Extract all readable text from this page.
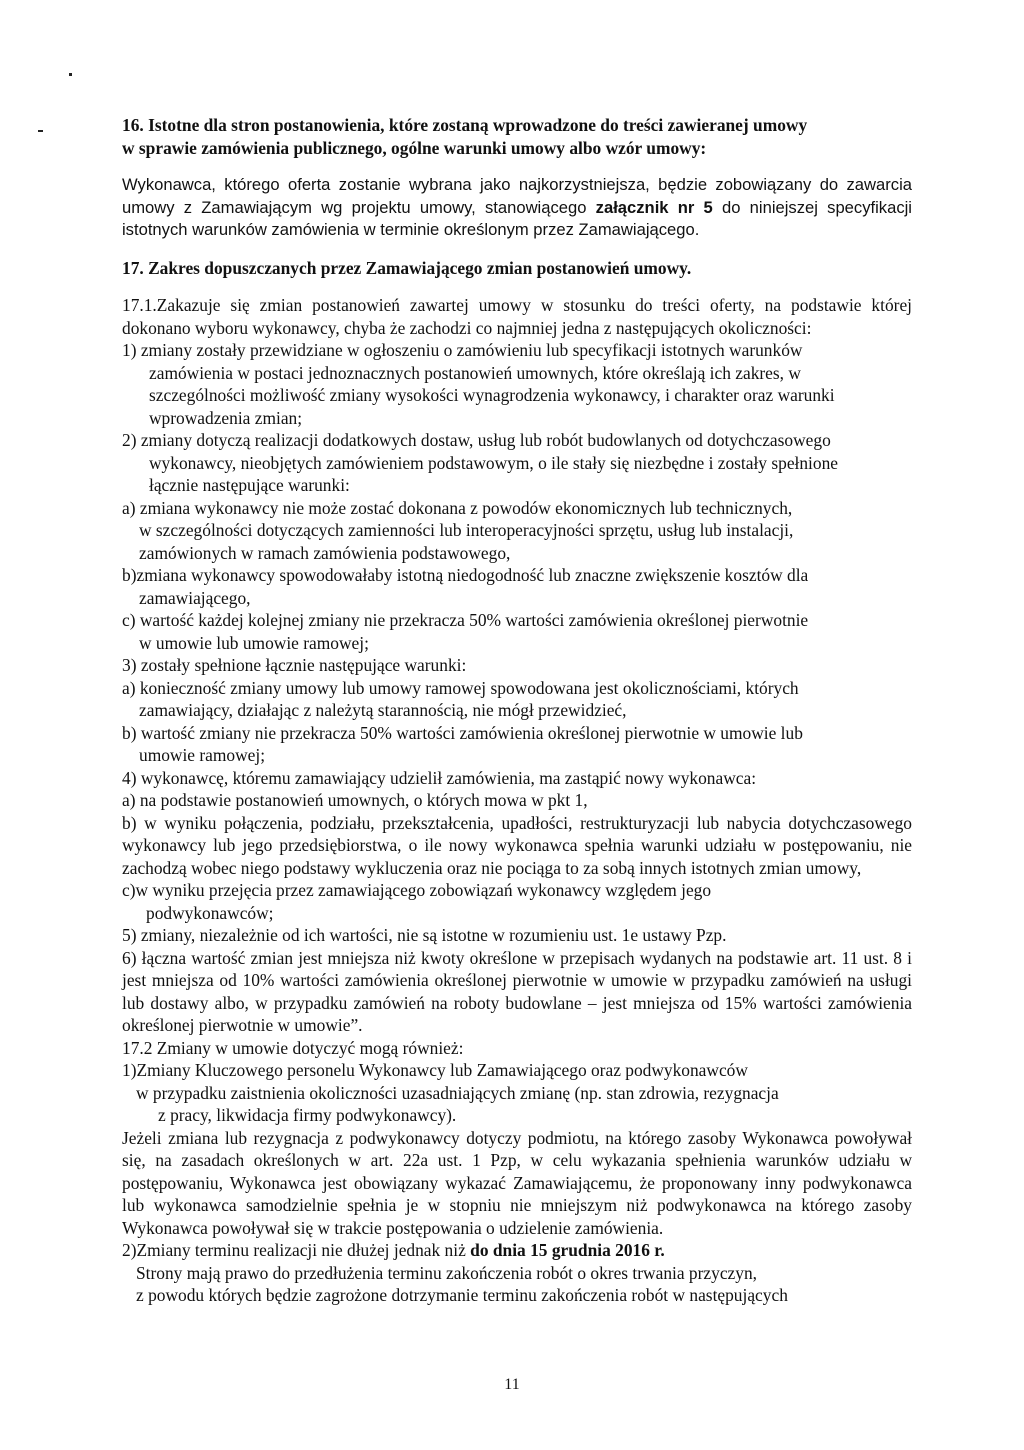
16. Istotne dla stron postanowienia, które zostaną wprowadzone do treści zawieranej umowy
w sprawie zamówienia publicznego, ogólne warunki umowy albo wzór umowy:

Wykonawca, którego oferta zostanie wybrana jako najkorzystniejsza, będzie zobowiązany do zawarcia umowy z Zamawiającym wg projektu umowy, stanowiącego załącznik nr 5 do niniejszej specyfikacji istotnych warunków zamówienia w terminie określonym przez Zamawiającego.

17. Zakres dopuszczanych przez Zamawiającego zmian postanowień umowy.

17.1.Zakazuje się zmian postanowień zawartej umowy w stosunku do treści oferty, na podstawie której dokonano wyboru wykonawcy, chyba że zachodzi co najmniej jedna z następujących okoliczności:

1) zmiany zostały przewidziane w ogłoszeniu o zamówieniu lub specyfikacji istotnych warunków
zamówienia w postaci jednoznacznych postanowień umownych, które określają ich zakres, w
szczególności możliwość zmiany wysokości wynagrodzenia wykonawcy, i charakter oraz warunki
wprowadzenia zmian;
2) zmiany dotyczą realizacji dodatkowych dostaw, usług lub robót budowlanych od dotychczasowego
wykonawcy, nieobjętych zamówieniem podstawowym, o ile stały się niezbędne i zostały spełnione
łącznie następujące warunki:
a) zmiana wykonawcy nie może zostać dokonana z powodów ekonomicznych lub technicznych,
w szczególności dotyczących zamienności lub interoperacyjności sprzętu, usług lub instalacji,
zamówionych w ramach zamówienia podstawowego,
b)zmiana wykonawcy spowodowałaby istotną niedogodność lub znaczne zwiększenie kosztów dla
zamawiającego,
c) wartość każdej kolejnej zmiany nie przekracza 50% wartości zamówienia określonej pierwotnie
w umowie lub umowie ramowej;
3) zostały spełnione łącznie następujące warunki:
a) konieczność zmiany umowy lub umowy ramowej spowodowana jest okolicznościami, których
zamawiający, działając z należytą starannością, nie mógł przewidzieć,
b) wartość zmiany nie przekracza 50% wartości zamówienia określonej pierwotnie w umowie lub
umowie ramowej;
4) wykonawcę, któremu zamawiający udzielił zamówienia, ma zastąpić nowy wykonawca:
a) na podstawie postanowień umownych, o których mowa w pkt 1,

b) w wyniku połączenia, podziału, przekształcenia, upadłości, restrukturyzacji lub nabycia dotychczasowego wykonawcy lub jego przedsiębiorstwa, o ile nowy wykonawca spełnia warunki udziału w postępowaniu, nie zachodzą wobec niego podstawy wykluczenia oraz nie pociąga to za sobą innych istotnych zmian umowy,

c)w wyniku przejęcia przez zamawiającego zobowiązań wykonawcy względem jego
podwykonawców;
5) zmiany, niezależnie od ich wartości, nie są istotne w rozumieniu ust. 1e ustawy Pzp.

6) łączna wartość zmian jest mniejsza niż kwoty określone w przepisach wydanych na podstawie art. 11 ust. 8 i jest mniejsza od 10% wartości zamówienia określonej pierwotnie w umowie w przypadku zamówień na usługi lub dostawy albo, w przypadku zamówień na roboty budowlane – jest mniejsza od 15% wartości zamówienia określonej pierwotnie w umowie”.

17.2 Zmiany w umowie dotyczyć mogą również:
1)Zmiany Kluczowego personelu Wykonawcy lub Zamawiającego oraz podwykonawców
w przypadku zaistnienia okoliczności uzasadniających zmianę (np. stan zdrowia, rezygnacja
z pracy, likwidacja firmy podwykonawcy).

Jeżeli zmiana lub rezygnacja z podwykonawcy dotyczy podmiotu, na którego zasoby Wykonawca powoływał się, na zasadach określonych w art. 22a ust. 1 Pzp, w celu wykazania spełnienia warunków udziału w postępowaniu, Wykonawca jest obowiązany wykazać Zamawiającemu, że proponowany inny podwykonawca lub wykonawca samodzielnie spełnia je w stopniu nie mniejszym niż podwykonawca na którego zasoby Wykonawca powoływał się w trakcie postępowania o udzielenie zamówienia.

2)Zmiany terminu realizacji nie dłużej jednak niż do dnia 15 grudnia 2016 r.
Strony mają prawo do przedłużenia terminu zakończenia robót o okres trwania przyczyn,
z powodu których będzie zagrożone dotrzymanie terminu zakończenia robót w następujących
11
